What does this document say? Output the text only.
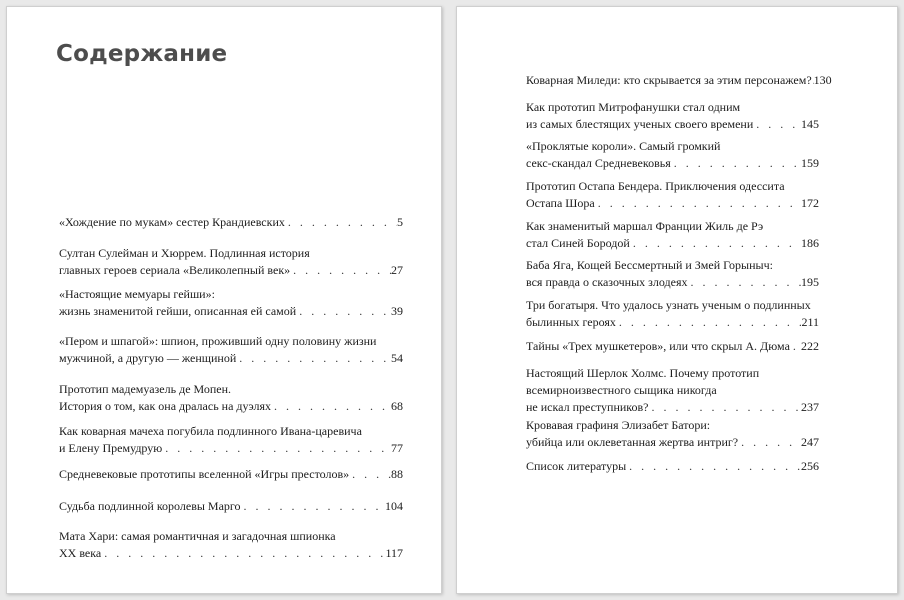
Содержание
«Хождение по мукам» сестер Крандиевских . . .	5
Султан Сулейман и Хюррем. Подлинная история
главных героев сериала «Великолепный век» . . .	27
«Настоящие мемуары гейши»:
жизнь знаменитой гейши, описанная ей самой . . .	39
«Пером и шпагой»: шпион, проживший одну половину жизни
мужчиной, а другую — женщиной . . .	54
Прототип мадемуазель де Мопен.
История о том, как она дралась на дуэлях . . .	68
Как коварная мачеха погубила подлинного Ивана-царевича
и Елену Премудрую . . .	77
Средневековые прототипы вселенной «Игры престолов» . . .	88
Судьба подлинной королевы Марго . . .	104
Мата Хари: самая романтичная и загадочная шпионка
XX века . . .	117
Коварная Миледи: кто скрывается за этим персонажем? . . . 130
Как прототип Митрофанушки стал одним
из самых блестящих ученых своего времени . . .	145
«Проклятые короли». Самый громкий
секс-скандал Средневековья . . .	159
Прототип Остапа Бендера. Приключения одессита
Остапа Шора . . .	172
Как знаменитый маршал Франции Жиль де Рэ
стал Синей Бородой . . .	186
Баба Яга, Кощей Бессмертный и Змей Горыныч:
вся правда о сказочных злодеях . . .	195
Три богатыря. Что удалось узнать ученым о подлинных
былинных героях . . .	211
Тайны «Трех мушкетеров», или что скрыл А. Дюма . . . 222
Настоящий Шерлок Холмс. Почему прототип
всемирноизвестного сыщика никогда
не искал преступников? . . .	237
Кровавая графиня Элизабет Батори:
убийца или оклеветанная жертва интриг? . . .	247
Список литературы . . .	256
